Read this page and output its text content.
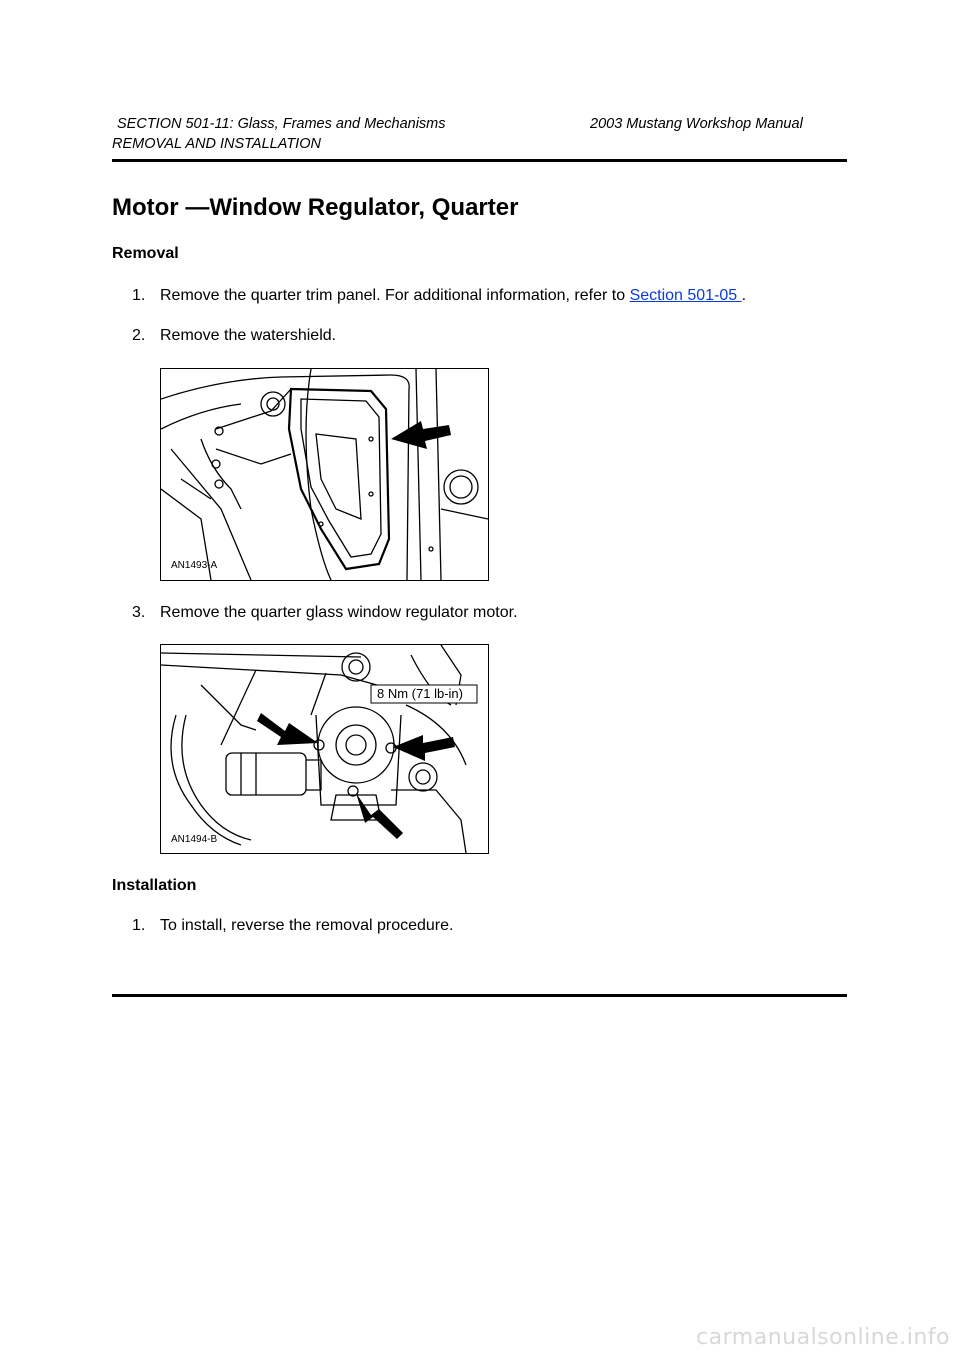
SECTION 501-11: Glass, Frames and Mechanisms	2003 Mustang Workshop Manual
REMOVAL AND INSTALLATION
Motor —Window Regulator, Quarter
Removal
1. Remove the quarter trim panel. For additional information, refer to Section 501-05 .
2. Remove the watershield.
AN1493-A
3. Remove the quarter glass window regulator motor.
8 Nm (71 lb-in)
AN1494-B
Installation
1. To install, reverse the removal procedure.
carmanualsonline.info
